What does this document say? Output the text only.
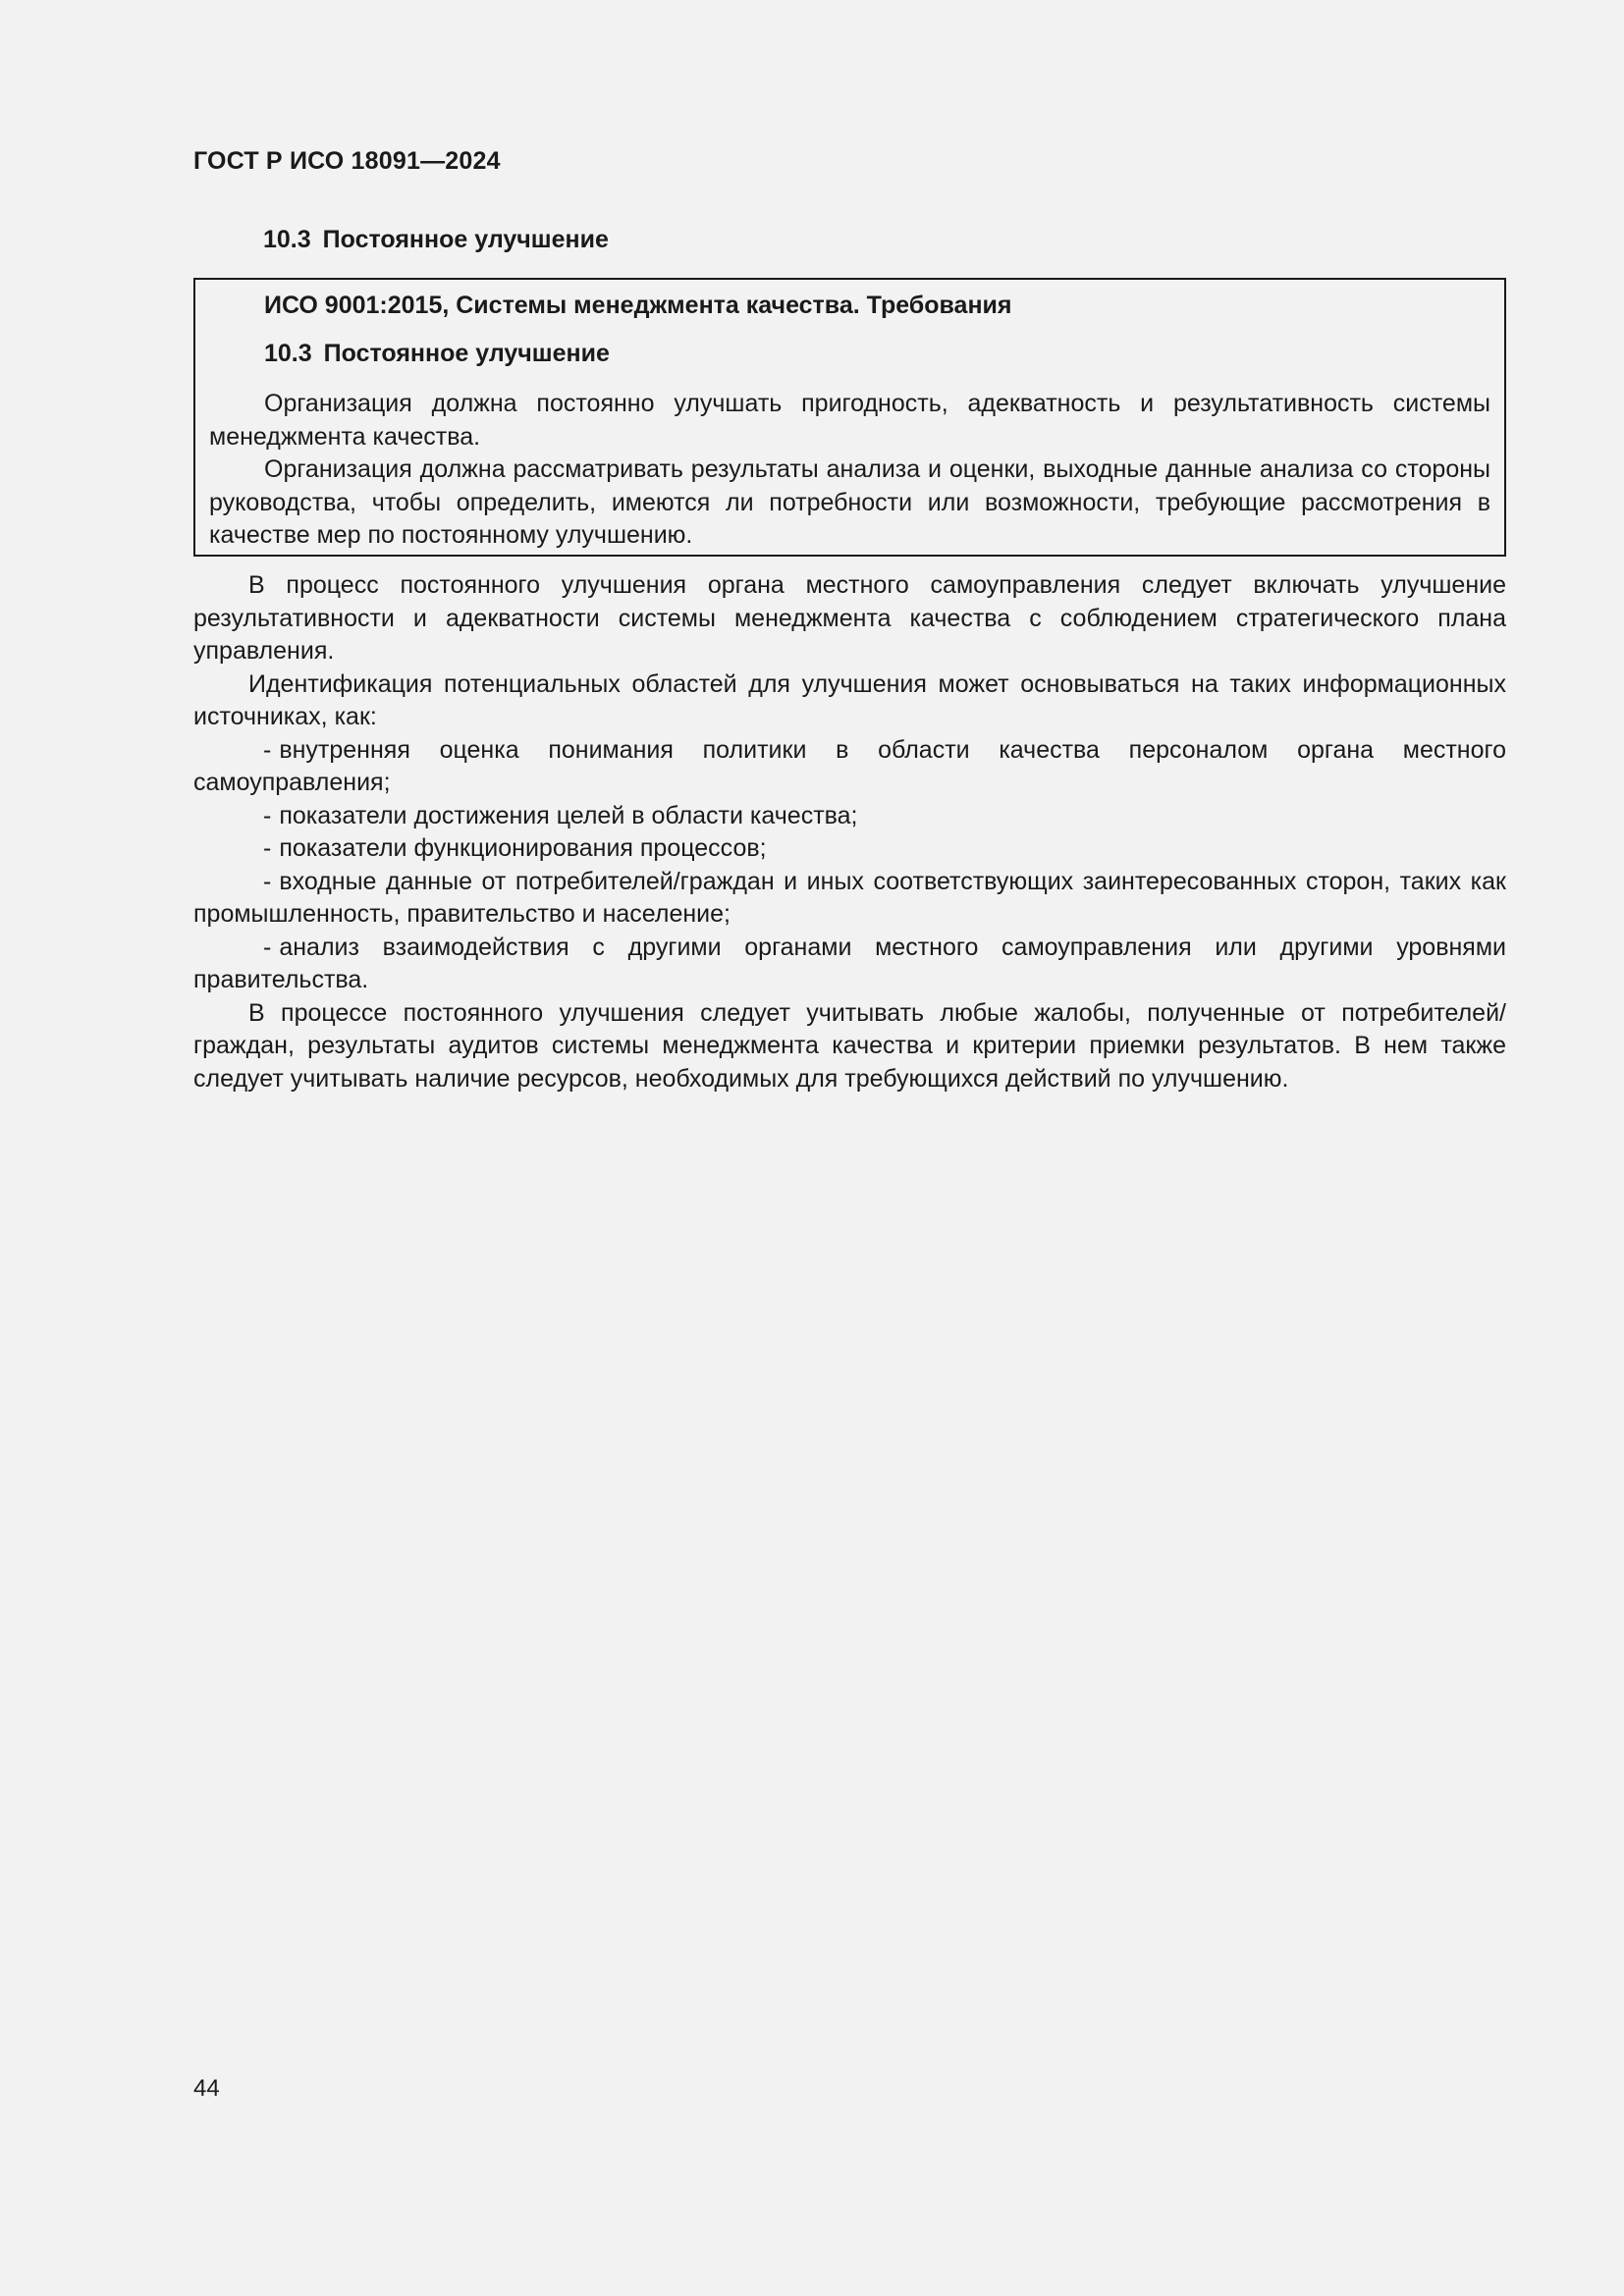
ГОСТ Р ИСО 18091—2024
10.3 Постоянное улучшение
ИСО 9001:2015, Системы менеджмента качества. Требования
10.3 Постоянное улучшение

Организация должна постоянно улучшать пригодность, адекватность и результативность системы менеджмента качества.

Организация должна рассматривать результаты анализа и оценки, выходные данные анализа со стороны руководства, чтобы определить, имеются ли потребности или возможности, требующие рассмотрения в качестве мер по постоянному улучшению.

В процесс постоянного улучшения органа местного самоуправления следует включать улучшение результативности и адекватности системы менеджмента качества с соблюдением стратегического плана управления.

Идентификация потенциальных областей для улучшения может основываться на таких информационных источниках, как:

- внутренняя оценка понимания политики в области качества персоналом органа местного самоуправления;

- показатели достижения целей в области качества;

- показатели функционирования процессов;

- входные данные от потребителей/граждан и иных соответствующих заинтересованных сторон, таких как промышленность, правительство и население;

- анализ взаимодействия с другими органами местного самоуправления или другими уровнями правительства.

В процессе постоянного улучшения следует учитывать любые жалобы, полученные от потребителей/граждан, результаты аудитов системы менеджмента качества и критерии приемки результатов. В нем также следует учитывать наличие ресурсов, необходимых для требующихся действий по улучшению.

44
